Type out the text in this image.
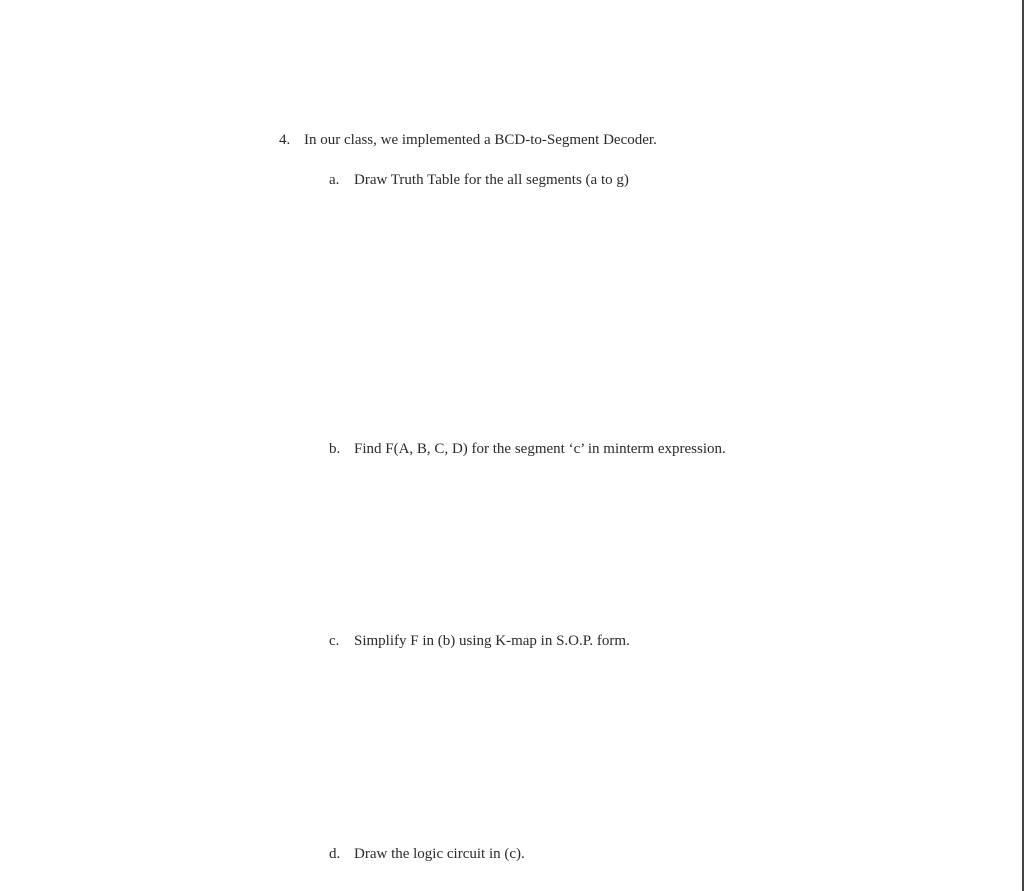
4. In our class, we implemented a BCD-to-Segment Decoder.
a. Draw Truth Table for the all segments (a to g)
b. Find F(A, B, C, D) for the segment ‘c’ in minterm expression.
c. Simplify F in (b) using K-map in S.O.P. form.
d. Draw the logic circuit in (c).
